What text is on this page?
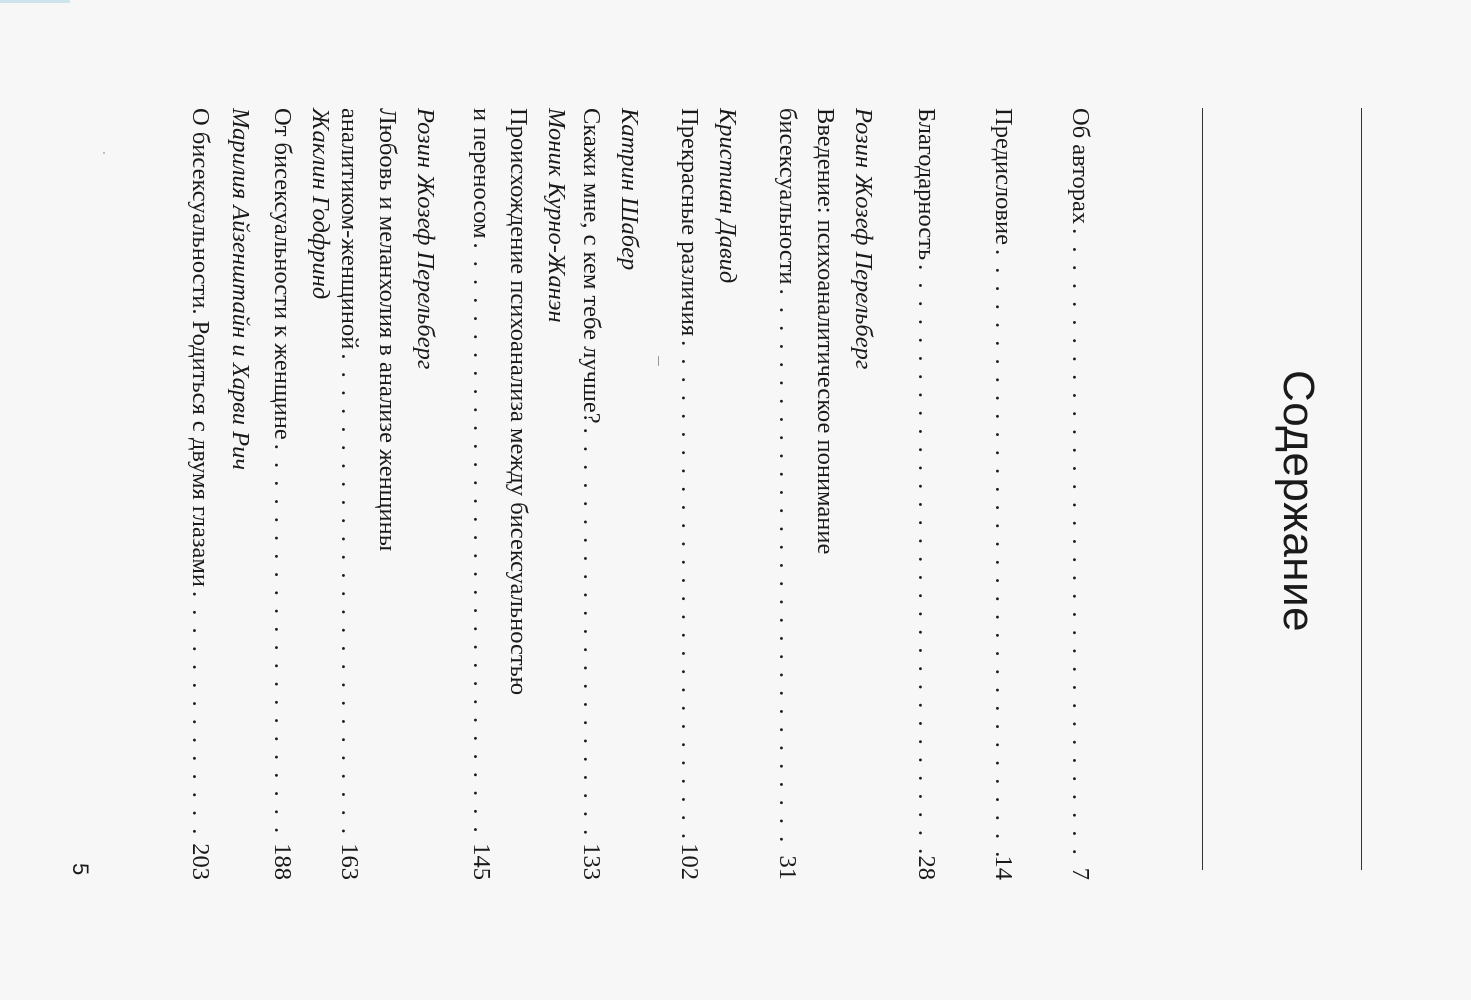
Содержание
Об авторах
. . .
7
Предисловие
. . .
14
Благодарность
. . .
28
Розин Жозеф Перельберг
Введение: психоаналитическое понимание
бисексуальности
. . .
31
Кристиан Давид
Прекрасные различия
. . .
102
Катрин Шабер
Скажи мне, с кем тебе лучше?
. . .
133
Моник Курно-Жанэн
Происхождение психоанализа между бисексуальностью
и переносом
. . .
145
Розин Жозеф Перельберг
Любовь и меланхолия в анализе женщины
аналитиком-женщиной
. . .
163
Жаклин Годфринд
От бисексуальности к женщине
. . .
188
Марилия Айзенштайн и Харви Рич
О бисексуальности. Родиться с двумя глазами
. . .
203
5
